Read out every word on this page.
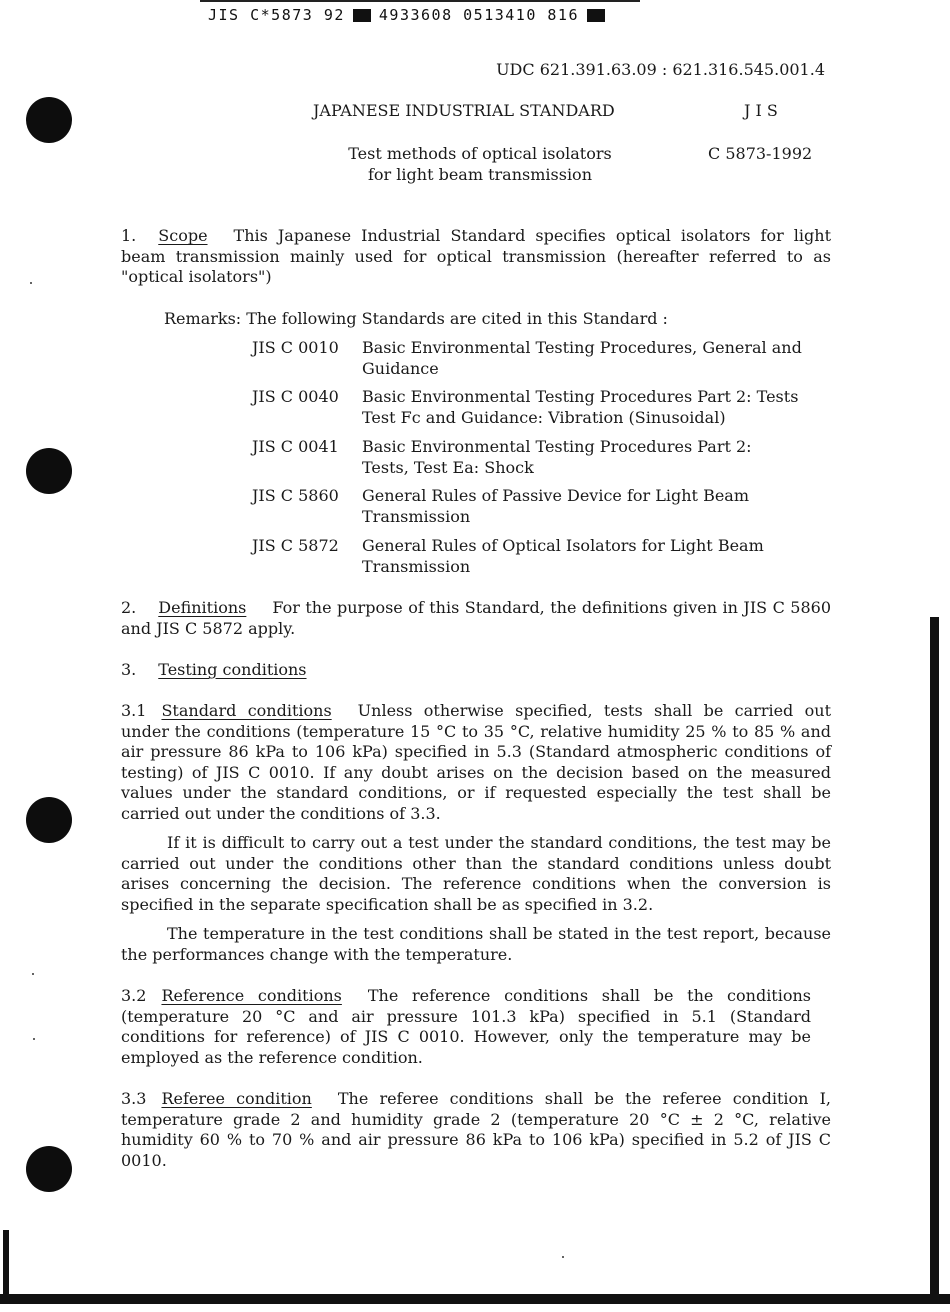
JIS C*5873 92 4933608 0513410 816
UDC 621.391.63.09 : 621.316.545.001.4
JAPANESE INDUSTRIAL STANDARD	J I S
Test methods of optical isolators
for light beam transmission
C 5873-1992

1. Scope This Japanese Industrial Standard specifies optical isolators for light beam transmission mainly used for optical transmission (hereafter referred to as "optical isolators")

Remarks: The following Standards are cited in this Standard :
JIS C 0010	Basic Environmental Testing Procedures, General and Guidance
JIS C 0040	Basic Environmental Testing Procedures Part 2: Tests Test Fc and Guidance: Vibration (Sinusoidal)
JIS C 0041	Basic Environmental Testing Procedures Part 2: Tests, Test Ea: Shock
JIS C 5860	General Rules of Passive Device for Light Beam Transmission
JIS C 5872	General Rules of Optical Isolators for Light Beam Transmission

2. Definitions For the purpose of this Standard, the definitions given in JIS C 5860 and JIS C 5872 apply.

3. Testing conditions

3.1 Standard conditions Unless otherwise specified, tests shall be carried out under the conditions (temperature 15 °C to 35 °C, relative humidity 25 % to 85 % and air pressure 86 kPa to 106 kPa) specified in 5.3 (Standard atmospheric conditions of testing) of JIS C 0010. If any doubt arises on the decision based on the measured values under the standard conditions, or if requested especially the test shall be carried out under the conditions of 3.3.

If it is difficult to carry out a test under the standard conditions, the test may be carried out under the conditions other than the standard conditions unless doubt arises concerning the decision. The reference conditions when the conversion is specified in the separate specification shall be as specified in 3.2.

The temperature in the test conditions shall be stated in the test report, because the performances change with the temperature.

3.2 Reference conditions The reference conditions shall be the conditions (temperature 20 °C and air pressure 101.3 kPa) specified in 5.1 (Standard conditions for reference) of JIS C 0010. However, only the temperature may be employed as the reference condition.

3.3 Referee condition The referee conditions shall be the referee condition I, temperature grade 2 and humidity grade 2 (temperature 20 °C ± 2 °C, relative humidity 60 % to 70 % and air pressure 86 kPa to 106 kPa) specified in 5.2 of JIS C 0010.
